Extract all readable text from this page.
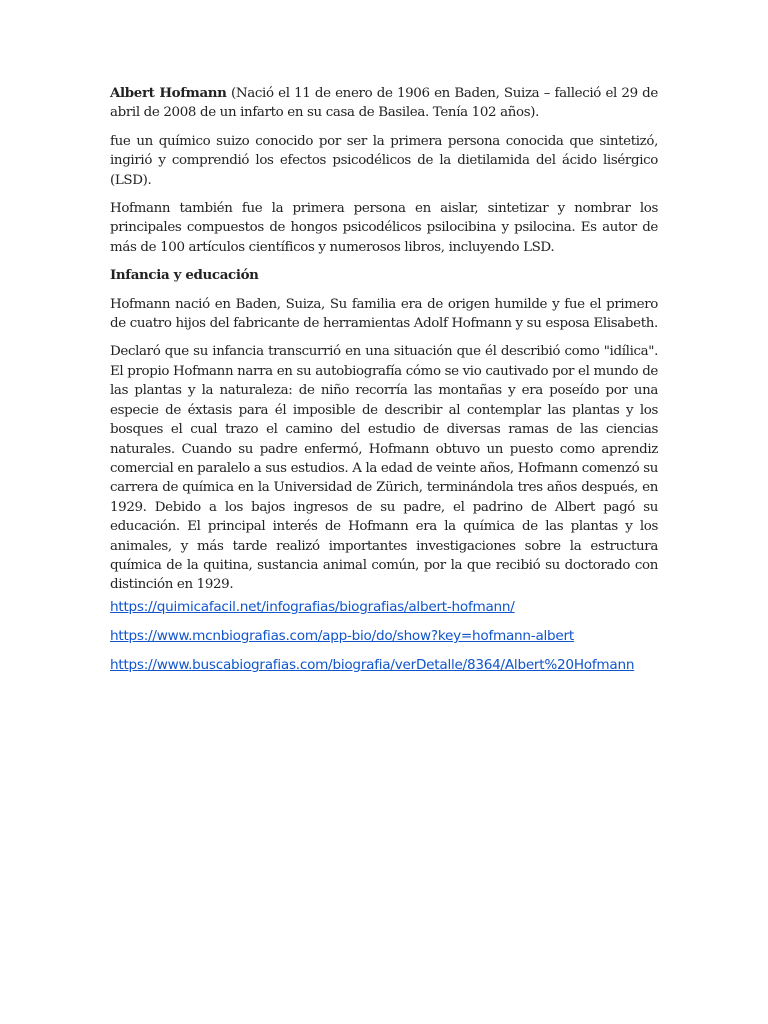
Albert Hofmann (Nació el 11 de enero de 1906 en Baden, Suiza – falleció el 29 de abril de 2008 de un infarto en su casa de Basilea. Tenía 102 años).

fue un químico suizo conocido por ser la primera persona conocida que sintetizó, ingirió y comprendió los efectos psicodélicos de la dietilamida del ácido lisérgico (LSD).

Hofmann también fue la primera persona en aislar, sintetizar y nombrar los principales compuestos de hongos psicodélicos psilocibina y psilocina. Es autor de más de 100 artículos científicos y numerosos libros, incluyendo LSD.

Infancia y educación

Hofmann nació en Baden, Suiza, Su familia era de origen humilde y fue el primero de cuatro hijos del fabricante de herramientas Adolf Hofmann y su esposa Elisabeth.

Declaró que su infancia transcurrió en una situación que él describió como "idílica". El propio Hofmann narra en su autobiografía cómo se vio cautivado por el mundo de las plantas y la naturaleza: de niño recorría las montañas y era poseído por una especie de éxtasis para él imposible de describir al contemplar las plantas y los bosques el cual trazo el camino del estudio de diversas ramas de las ciencias naturales. Cuando su padre enfermó, Hofmann obtuvo un puesto como aprendiz comercial en paralelo a sus estudios. A la edad de veinte años, Hofmann comenzó su carrera de química en la Universidad de Zürich, terminándola tres años después, en 1929. Debido a los bajos ingresos de su padre, el padrino de Albert pagó su educación. El principal interés de Hofmann era la química de las plantas y los animales, y más tarde realizó importantes investigaciones sobre la estructura química de la quitina, sustancia animal común, por la que recibió su doctorado con distinción en 1929.

https://quimicafacil.net/infografias/biografias/albert-hofmann/
https://www.mcnbiografias.com/app-bio/do/show?key=hofmann-albert
https://www.buscabiografias.com/biografia/verDetalle/8364/Albert%20Hofmann
